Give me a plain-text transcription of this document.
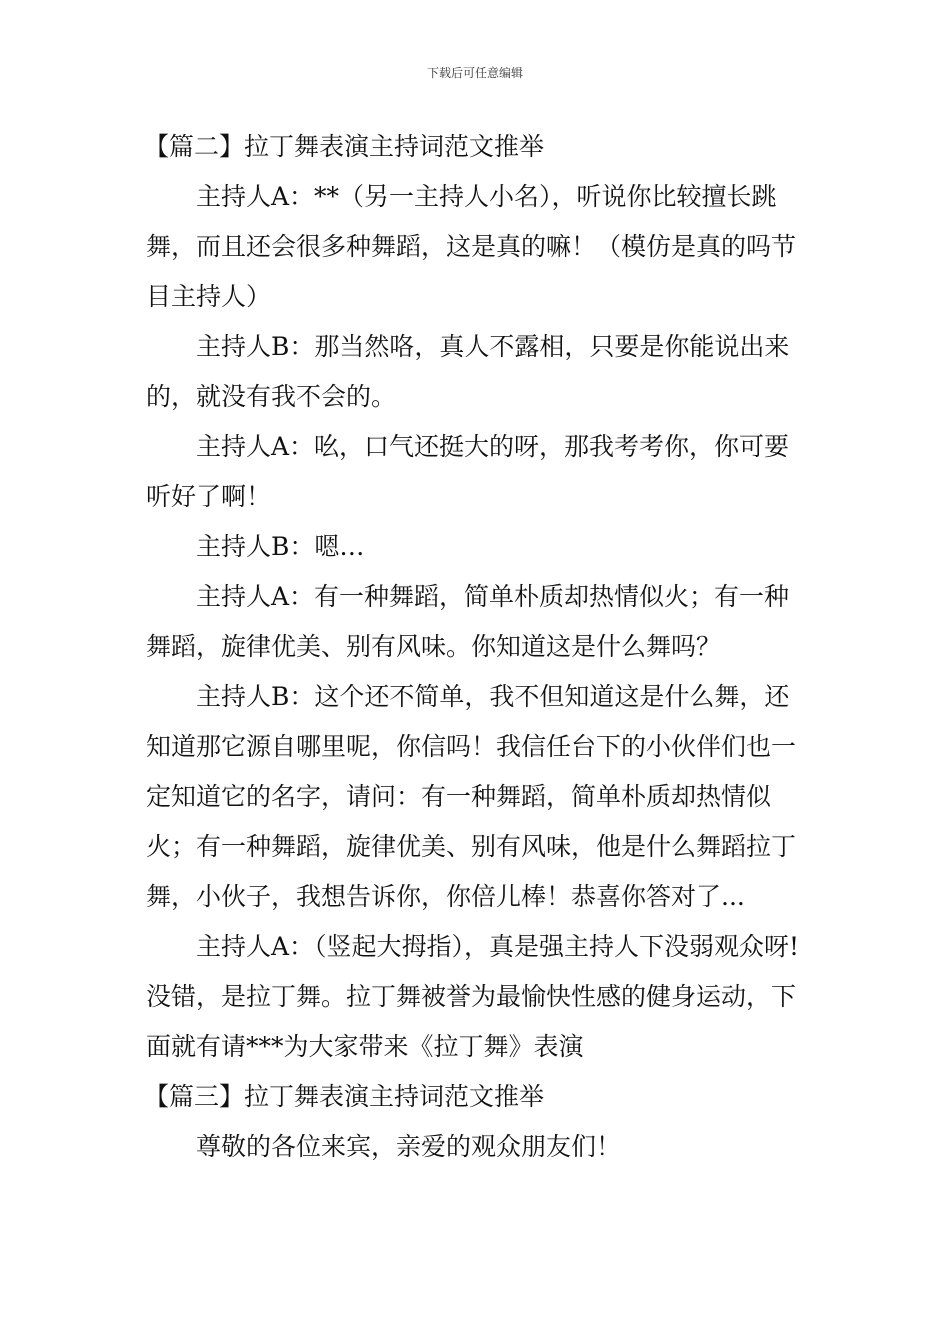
下载后可任意编辑

【篇二】拉丁舞表演主持词范文推举

主持人A：**（另一主持人小名），听说你比较擅长跳舞，而且还会很多种舞蹈，这是真的嘛！（模仿是真的吗节目主持人）

主持人B：那当然咯，真人不露相，只要是你能说出来的，就没有我不会的。

主持人A：吆，口气还挺大的呀，那我考考你，你可要听好了啊！

主持人B：嗯…

主持人A：有一种舞蹈，简单朴质却热情似火；有一种舞蹈，旋律优美、别有风味。你知道这是什么舞吗？

主持人B：这个还不简单，我不但知道这是什么舞，还知道那它源自哪里呢，你信吗！我信任台下的小伙伴们也一定知道它的名字，请问：有一种舞蹈，简单朴质却热情似火；有一种舞蹈，旋律优美、别有风味，他是什么舞蹈拉丁舞，小伙子，我想告诉你，你倍儿棒！恭喜你答对了...

主持人A：（竖起大拇指），真是强主持人下没弱观众呀!没错，是拉丁舞。拉丁舞被誉为最愉快性感的健身运动，下面就有请***为大家带来《拉丁舞》表演

【篇三】拉丁舞表演主持词范文推举

尊敬的各位来宾，亲爱的观众朋友们！
